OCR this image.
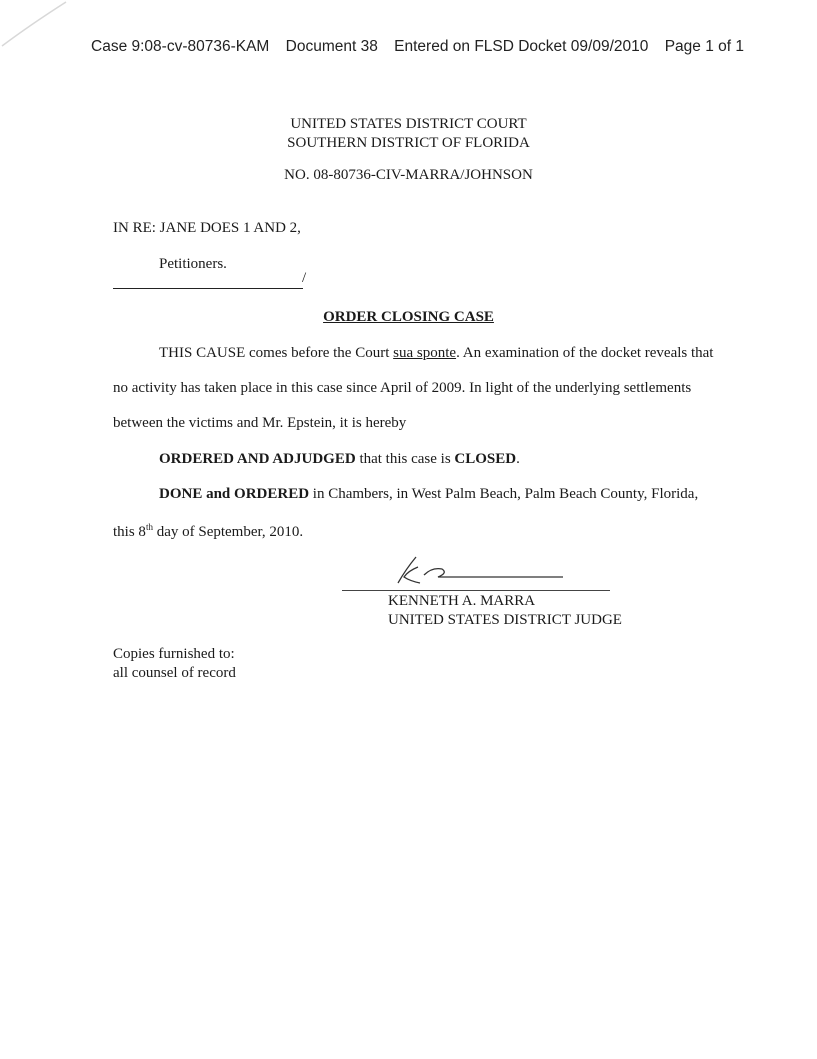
Case 9:08-cv-80736-KAM Document 38 Entered on FLSD Docket 09/09/2010 Page 1 of 1
UNITED STATES DISTRICT COURT
SOUTHERN DISTRICT OF FLORIDA
NO. 08-80736-CIV-MARRA/JOHNSON
IN RE: JANE DOES 1 AND 2,
Petitioners.
/
ORDER CLOSING CASE
THIS CAUSE comes before the Court sua sponte. An examination of the docket reveals that
no activity has taken place in this case since April of 2009. In light of the underlying settlements
between the victims and Mr. Epstein, it is hereby
ORDERED AND ADJUDGED that this case is CLOSED.
DONE and ORDERED in Chambers, in West Palm Beach, Palm Beach County, Florida,
this 8th day of September, 2010.
KENNETH A. MARRA
UNITED STATES DISTRICT JUDGE
Copies furnished to:
all counsel of record
